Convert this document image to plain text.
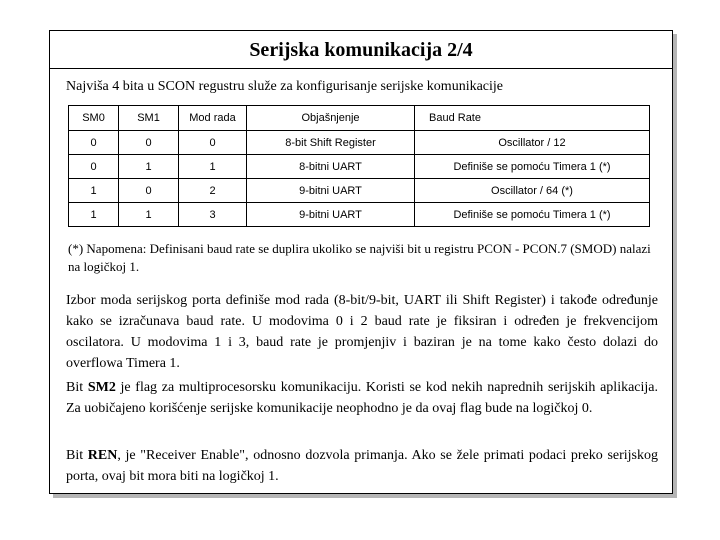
Serijska komunikacija 2/4
Najviša 4 bita u SCON regustru služe za konfigurisanje serijske komunikacije
SM0	SM1	Mod rada	Objašnjenje	Baud Rate
0	0	0	8-bit Shift Register	Oscillator / 12
0	1	1	8-bitni UART	Definiše se pomoću Timera 1 (*)
1	0	2	9-bitni UART	Oscillator / 64 (*)
1	1	3	9-bitni UART	Definiše se pomoću Timera 1 (*)
(*) Napomena: Definisani baud rate se duplira ukoliko se najviši bit u registru PCON - PCON.7 (SMOD) nalazi na logičkoj 1.
Izbor moda serijskog porta definiše mod rada (8-bit/9-bit, UART ili Shift Register) i takođe određunje kako se izračunava baud rate. U modovima 0 i 2 baud rate je fiksiran i određen je frekvencijom oscilatora. U modovima 1 i 3, baud rate je promjenjiv i baziran je na tome kako često dolazi do overflowa Timera 1.
Bit SM2 je flag za multiprocesorsku komunikaciju. Koristi se kod nekih naprednih serijskih aplikacija. Za uobičajeno korišćenje serijske komunikacije neophodno je da ovaj flag bude na logičkoj 0.
Bit REN, je "Receiver Enable", odnosno dozvola primanja. Ako se žele primati podaci preko serijskog porta, ovaj bit mora biti na logičkoj 1.
